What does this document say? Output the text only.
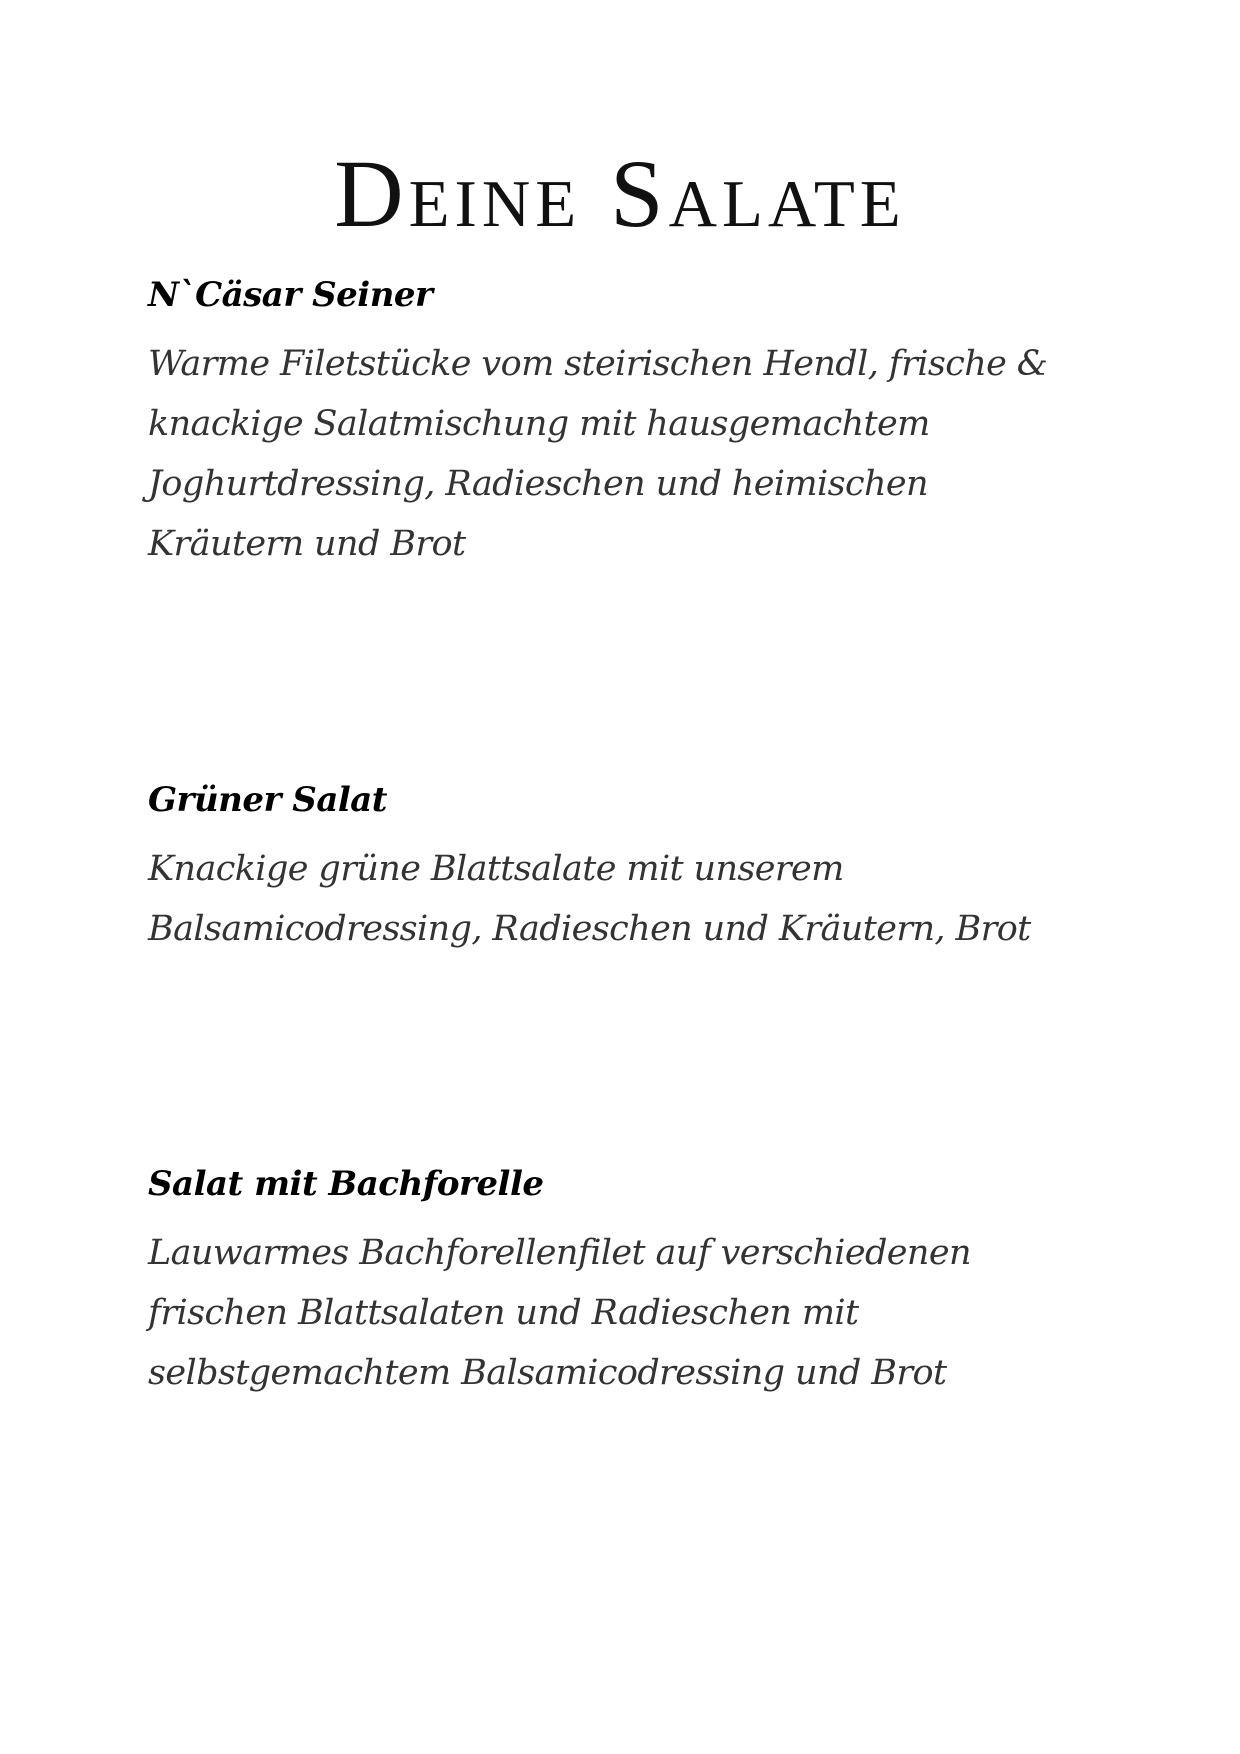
Deine Salate
N`Cäsar Seiner

Warme Filetstücke vom steirischen Hendl, frische &
knackige Salatmischung mit hausgemachtem
Joghurtdressing, Radieschen und heimischen
Kräutern und Brot

Grüner Salat

Knackige grüne Blattsalate mit unserem
Balsamicodressing, Radieschen und Kräutern, Brot

Salat mit Bachforelle

Lauwarmes Bachforellenfilet auf verschiedenen
frischen Blattsalaten und Radieschen mit
selbstgemachtem Balsamicodressing und Brot
